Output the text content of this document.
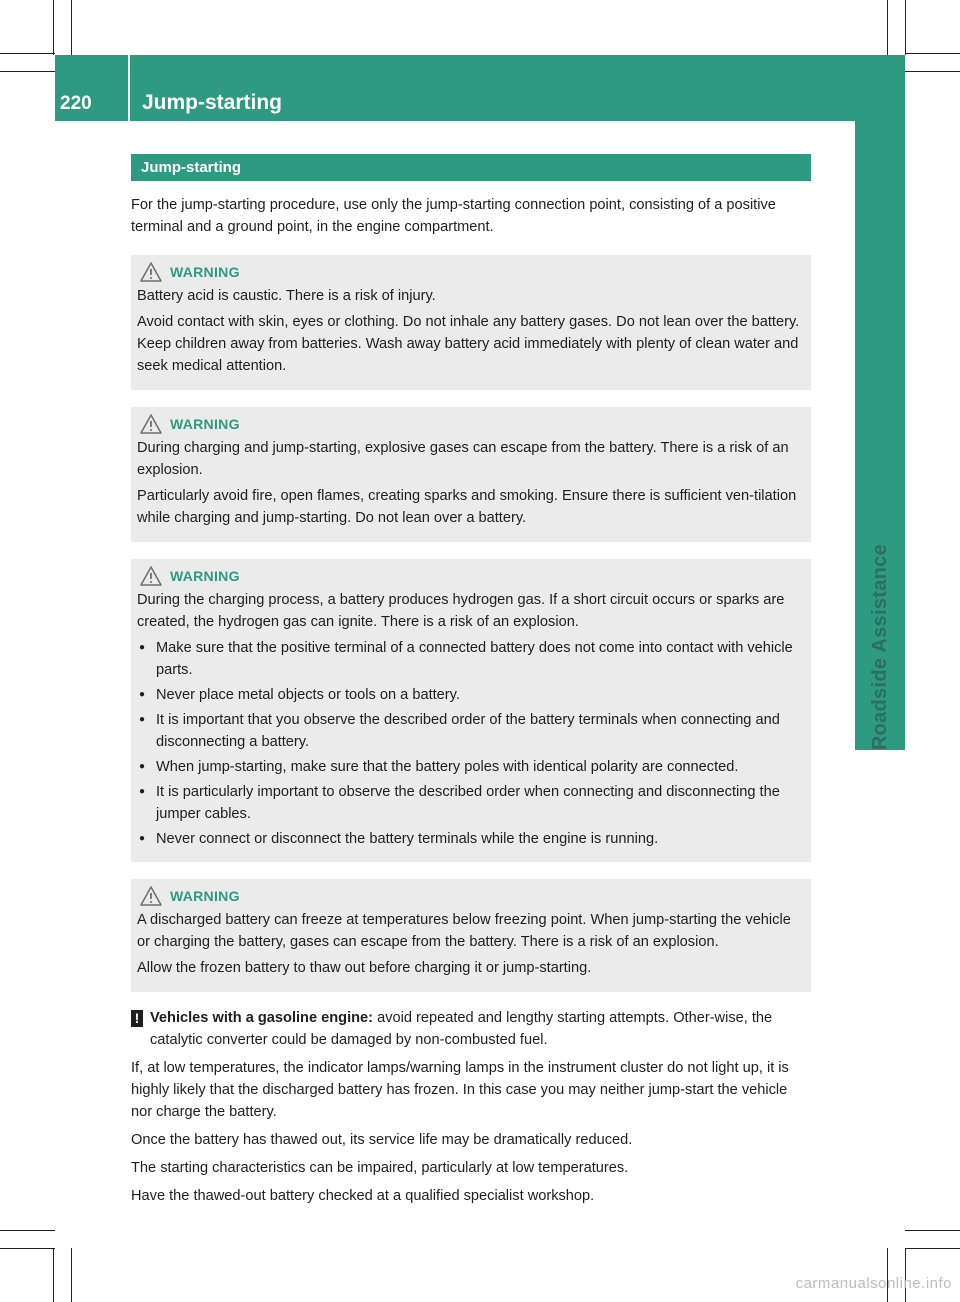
220	Jump-starting
Roadside Assistance
Jump-starting

For the jump-starting procedure, use only the jump-starting connection point, consisting of a positive terminal and a ground point, in the engine compartment.

WARNING

Battery acid is caustic. There is a risk of injury.

Avoid contact with skin, eyes or clothing. Do not inhale any battery gases. Do not lean over the battery. Keep children away from batteries. Wash away battery acid immediately with plenty of clean water and seek medical attention.

WARNING

During charging and jump-starting, explosive gases can escape from the battery. There is a risk of an explosion.

Particularly avoid fire, open flames, creating sparks and smoking. Ensure there is sufficient ven-tilation while charging and jump-starting. Do not lean over a battery.

WARNING

During the charging process, a battery produces hydrogen gas. If a short circuit occurs or sparks are created, the hydrogen gas can ignite. There is a risk of an explosion.

● Make sure that the positive terminal of a connected battery does not come into contact with vehicle parts.
● Never place metal objects or tools on a battery.
● It is important that you observe the described order of the battery terminals when connecting and disconnecting a battery.
● When jump-starting, make sure that the battery poles with identical polarity are connected.
● It is particularly important to observe the described order when connecting and disconnecting the jumper cables.
● Never connect or disconnect the battery terminals while the engine is running.
WARNING

A discharged battery can freeze at temperatures below freezing point. When jump-starting the vehicle or charging the battery, gases can escape from the battery. There is a risk of an explosion.

Allow the frozen battery to thaw out before charging it or jump-starting.

! Vehicles with a gasoline engine: avoid repeated and lengthy starting attempts. Other-wise, the catalytic converter could be damaged by non-combusted fuel.

If, at low temperatures, the indicator lamps/warning lamps in the instrument cluster do not light up, it is highly likely that the discharged battery has frozen. In this case you may neither jump-start the vehicle nor charge the battery.

Once the battery has thawed out, its service life may be dramatically reduced.

The starting characteristics can be impaired, particularly at low temperatures.

Have the thawed-out battery checked at a qualified specialist workshop.

carmanualsonline.info
